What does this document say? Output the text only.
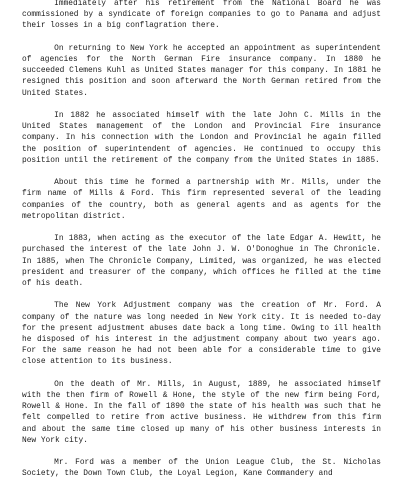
Immediately after his retirement from the National Board he was commissioned by a syndicate of foreign companies to go to Panama and adjust their losses in a big conflagration there.

On returning to New York he accepted an appointment as superintendent of agencies for the North German Fire insurance company. In 1880 he succeeded Clemens Kuhl as United States manager for this company. In 1881 he resigned this position and soon afterward the North German retired from the United States.

In 1882 he associated himself with the late John C. Mills in the United States management of the London and Provincial Fire insurance company. In his connection with the London and Provincial he again filled the position of superintendent of agencies. He continued to occupy this position until the retirement of the company from the United States in 1885.

About this time he formed a partnership with Mr. Mills, under the firm name of Mills & Ford. This firm represented several of the leading companies of the country, both as general agents and as agents for the metropolitan district.

In 1883, when acting as the executor of the late Edgar A. Hewitt, he purchased the interest of the late John J. W. O'Donoghue in The Chronicle. In 1885, when The Chronicle Company, Limited, was organized, he was elected president and treasurer of the company, which offices he filled at the time of his death.

The New York Adjustment company was the creation of Mr. Ford. A company of the nature was long needed in New York city. It is needed to-day for the present adjustment abuses date back a long time. Owing to ill health he disposed of his interest in the adjustment company about two years ago. For the same reason he had not been able for a considerable time to give close attention to its business.

On the death of Mr. Mills, in August, 1889, he associated himself with the then firm of Rowell & Hone, the style of the new firm being Ford, Rowell & Hone. In the fall of 1890 the state of his health was such that he felt compelled to retire from active business. He withdrew from this firm and about the same time closed up many of his other business interests in New York city.

Mr. Ford was a member of the Union League Club, the St. Nicholas Society, the Down Town Club, the Loyal Legion, Kane Commandery and
